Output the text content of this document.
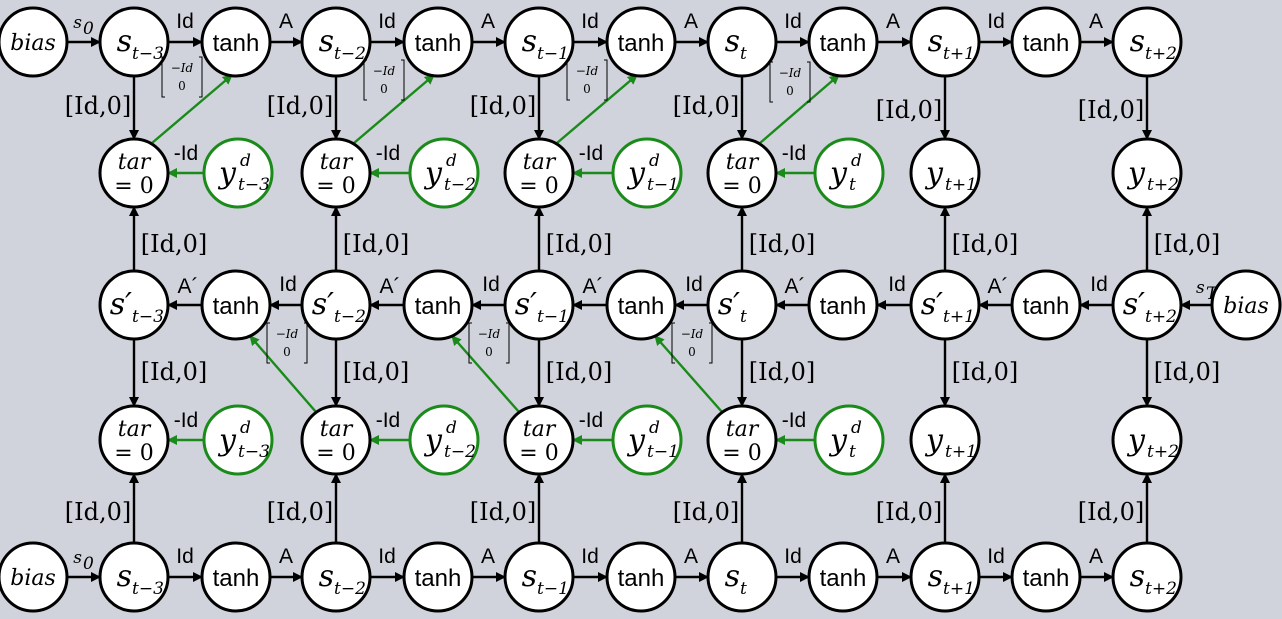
bias s t−3 tanh s t−2 tanh s t−1 tanh s t	tanh s t+1 tanh s t+2
bias s t−3 tanh s t−2 tanh s t−1 tanh s t	tanh s t+1 tanh s t+2
bias
s′ t−3	s′ t−2
tanh	s′ t−1
tanh	s′ t
tanh	s′ t+1
tanh	s′ t+2
tanh
tar
= 0 y d
t−3
tar
= 0 y d
t−2
tar
= 0 y d
t−1
tar
= 0 y d
t y t+1	y t+2
tar
= 0 y d
t−3
tar
= 0 y d
t−2
tar
= 0 y d
t−1
tar
= 0 y d
t y t+1	y t+2
s 0	Id	A	Id	A	Id	A	Id	A	Id	A
s 0	Id	A	Id	A	Id	A	Id	A	Id	A
s T
Id
A´	Id
A´	Id
A´	Id
A´	Id
A´
-Id	-Id	-Id	-Id
-Id	-Id	-Id	-Id
[Id,0]
[Id,0]
[Id,0]
[Id,0]
[Id,0]
[Id,0]
[Id,0]
[Id,0]
[Id,0]
[Id,0]
[Id,0]
[Id,0]
[Id,0]
[Id,0]
[Id,0]
[Id,0]
[Id,0]
[Id,0]
[Id,0]
[Id,0]
[Id,0]
[Id,0]
[Id,0]
[Id,0]
−Id
0
−Id
0
−Id
0
−Id
0
−Id
0
−Id
0
−Id
0
